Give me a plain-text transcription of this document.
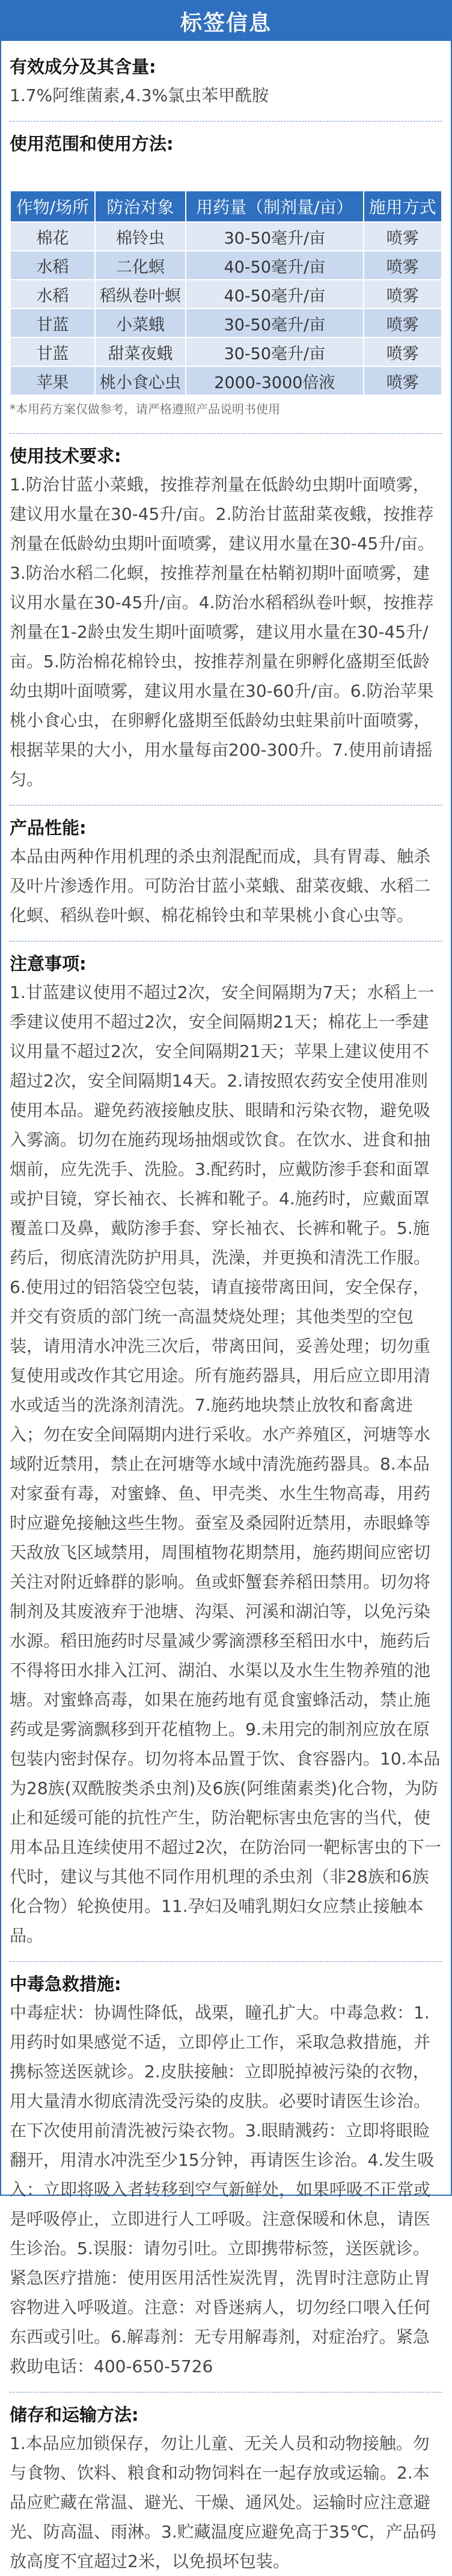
标签信息
有效成分及其含量:
1.7%阿维菌素,4.3%氯虫苯甲酰胺
使用范围和使用方法:
作物/场所	防治对象	用药量（制剂量/亩）	施用方式
棉花	棉铃虫	30-50毫升/亩	喷雾
水稻	二化螟	40-50毫升/亩	喷雾
水稻	稻纵卷叶螟	40-50毫升/亩	喷雾
甘蓝	小菜蛾	30-50毫升/亩	喷雾
甘蓝	甜菜夜蛾	30-50毫升/亩	喷雾
苹果	桃小食心虫	2000-3000倍液	喷雾
*本用药方案仅做参考，请严格遵照产品说明书使用
使用技术要求:
1.防治甘蓝小菜蛾，按推荐剂量在低龄幼虫期叶面喷雾，建议用水量在30-45升/亩。2.防治甘蓝甜菜夜蛾，按推荐剂量在低龄幼虫期叶面喷雾，建议用水量在30-45升/亩。3.防治水稻二化螟，按推荐剂量在枯鞘初期叶面喷雾，建议用水量在30-45升/亩。4.防治水稻稻纵卷叶螟，按推荐剂量在1-2龄虫发生期叶面喷雾，建议用水量在30-45升/亩。5.防治棉花棉铃虫，按推荐剂量在卵孵化盛期至低龄幼虫期叶面喷雾，建议用水量在30-60升/亩。6.防治苹果桃小食心虫，在卵孵化盛期至低龄幼虫蛀果前叶面喷雾，根据苹果的大小，用水量每亩200-300升。7.使用前请摇匀。
产品性能:
本品由两种作用机理的杀虫剂混配而成，具有胃毒、触杀及叶片渗透作用。可防治甘蓝小菜蛾、甜菜夜蛾、水稻二化螟、稻纵卷叶螟、棉花棉铃虫和苹果桃小食心虫等。
注意事项:
1.甘蓝建议使用不超过2次，安全间隔期为7天；水稻上一季建议使用不超过2次，安全间隔期21天；棉花上一季建议用量不超过2次，安全间隔期21天；苹果上建议使用不超过2次，安全间隔期14天。2.请按照农药安全使用准则使用本品。避免药液接触皮肤、眼睛和污染衣物，避免吸入雾滴。切勿在施药现场抽烟或饮食。在饮水、进食和抽烟前，应先洗手、洗脸。3.配药时，应戴防渗手套和面罩或护目镜，穿长袖衣、长裤和靴子。4.施药时，应戴面罩覆盖口及鼻，戴防渗手套、穿长袖衣、长裤和靴子。5.施药后，彻底清洗防护用具，洗澡，并更换和清洗工作服。6.使用过的铝箔袋空包装，请直接带离田间，安全保存，并交有资质的部门统一高温焚烧处理；其他类型的空包装，请用清水冲洗三次后，带离田间，妥善处理；切勿重复使用或改作其它用途。所有施药器具，用后应立即用清水或适当的洗涤剂清洗。7.施药地块禁止放牧和畜禽进入；勿在安全间隔期内进行采收。水产养殖区，河塘等水域附近禁用，禁止在河塘等水域中清洗施药器具。8.本品对家蚕有毒，对蜜蜂、鱼、甲壳类、水生生物高毒，用药时应避免接触这些生物。蚕室及桑园附近禁用，赤眼蜂等天敌放飞区域禁用，周围植物花期禁用，施药期间应密切关注对附近蜂群的影响。鱼或虾蟹套养稻田禁用。切勿将制剂及其废液弃于池塘、沟渠、河溪和湖泊等，以免污染水源。稻田施药时尽量减少雾滴漂移至稻田水中，施药后不得将田水排入江河、湖泊、水渠以及水生生物养殖的池塘。对蜜蜂高毒，如果在施药地有觅食蜜蜂活动，禁止施药或是雾滴飘移到开花植物上。9.未用完的制剂应放在原包装内密封保存。切勿将本品置于饮、食容器内。10.本品为28族(双酰胺类杀虫剂)及6族(阿维菌素类)化合物，为防止和延缓可能的抗性产生，防治靶标害虫危害的当代，使用本品且连续使用不超过2次，在防治同一靶标害虫的下一代时，建议与其他不同作用机理的杀虫剂（非28族和6族化合物）轮换使用。11.孕妇及哺乳期妇女应禁止接触本品。
中毒急救措施:
中毒症状：协调性降低，战栗，瞳孔扩大。中毒急救：1.用药时如果感觉不适，立即停止工作，采取急救措施，并携标签送医就诊。2.皮肤接触：立即脱掉被污染的衣物，用大量清水彻底清洗受污染的皮肤。必要时请医生诊治。在下次使用前清洗被污染衣物。3.眼睛溅药：立即将眼睑翻开，用清水冲洗至少15分钟，再请医生诊治。4.发生吸入：立即将吸入者转移到空气新鲜处，如果呼吸不正常或是呼吸停止，立即进行人工呼吸。注意保暖和休息，请医生诊治。5.误服：请勿引吐。立即携带标签，送医就诊。紧急医疗措施：使用医用活性炭洗胃，洗胃时注意防止胃容物进入呼吸道。注意：对昏迷病人，切勿经口喂入任何东西或引吐。6.解毒剂：无专用解毒剂，对症治疗。紧急救助电话：400-650-5726
储存和运输方法:
1.本品应加锁保存，勿让儿童、无关人员和动物接触。勿与食物、饮料、粮食和动物饲料在一起存放或运输。2.本品应贮藏在常温、避光、干燥、通风处。运输时应注意避光、防高温、雨淋。3.贮藏温度应避免高于35℃，产品码放高度不宜超过2米，以免损坏包装。
